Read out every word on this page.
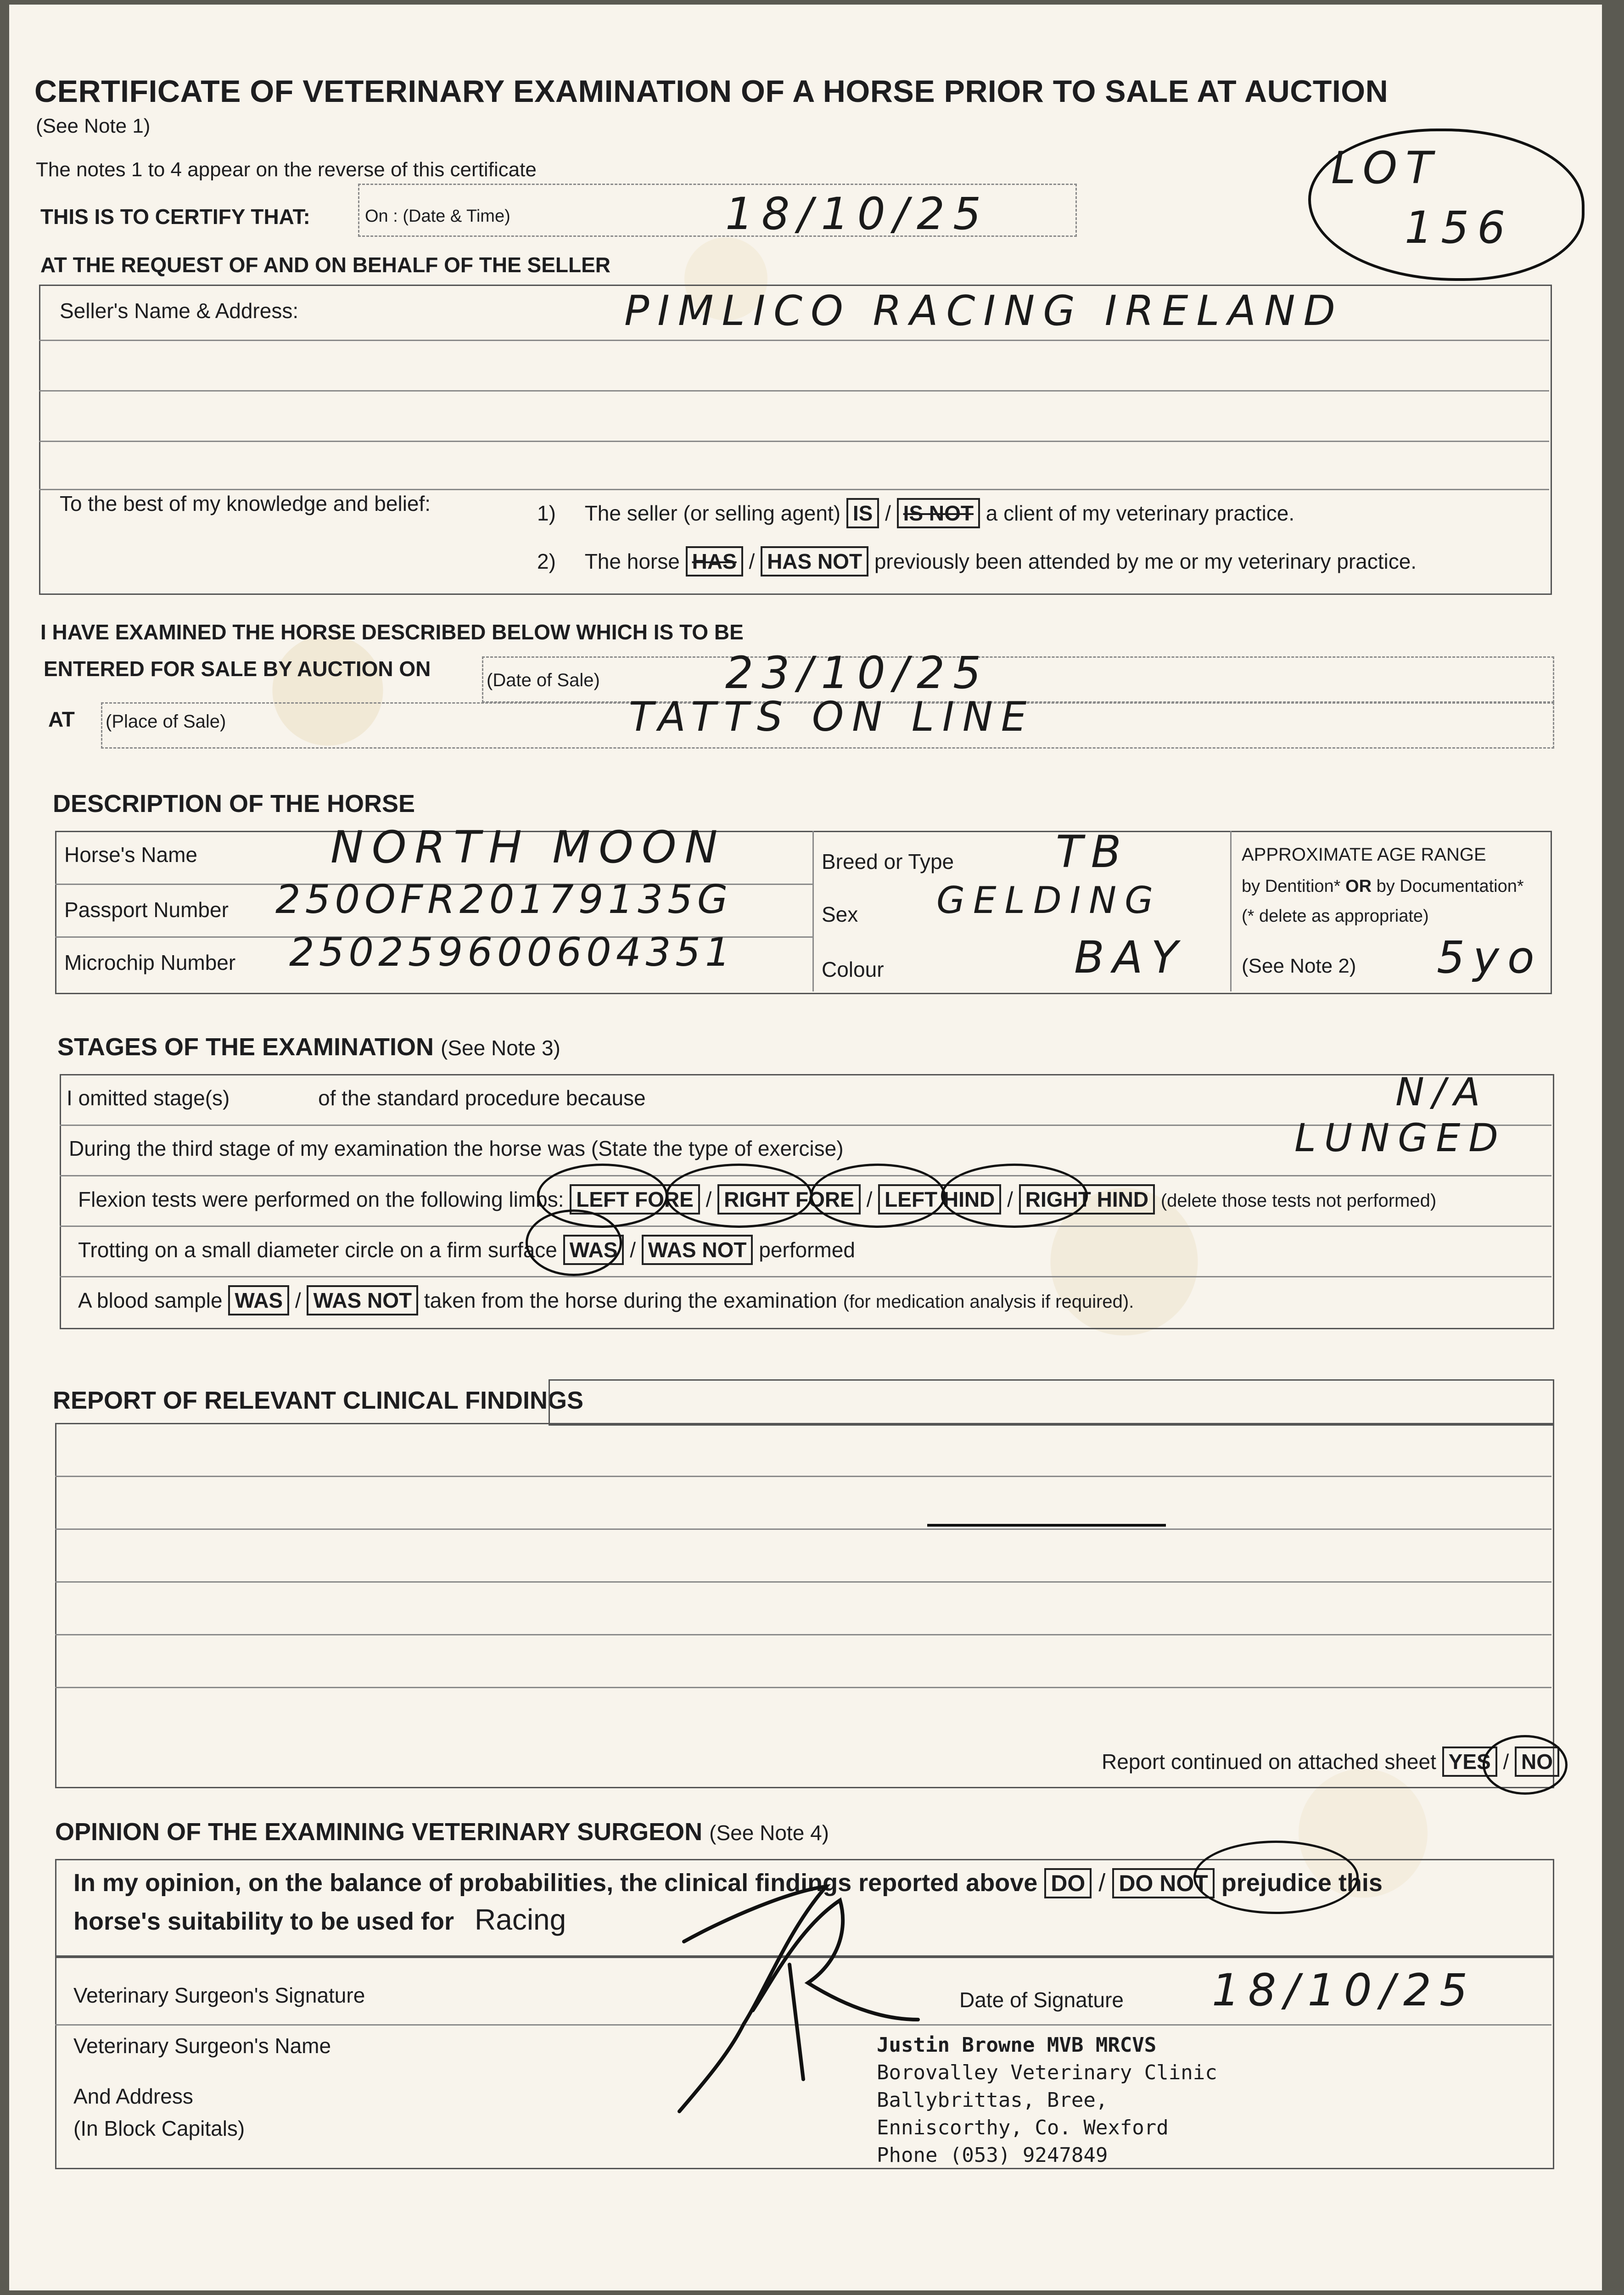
CERTIFICATE OF VETERINARY EXAMINATION OF A HORSE PRIOR TO SALE AT AUCTION
(See Note 1)
The notes 1 to 4 appear on the reverse of this certificate	LOT
156
THIS IS TO CERTIFY THAT:	On : (Date & Time)	18/10/25
AT THE REQUEST OF AND ON BEHALF OF THE SELLER
Seller's Name & Address:	PIMLICO RACING IRELAND
To the best of my knowledge and belief:	1) The seller (or selling agent) IS / IS NOT a client of my veterinary practice.
2) The horse HAS / HAS NOT previously been attended by me or my veterinary practice.
I HAVE EXAMINED THE HORSE DESCRIBED BELOW WHICH IS TO BE
ENTERED FOR SALE BY AUCTION ON	(Date of Sale)	23/10/25
AT (Place of Sale)	TATTS ON LINE
DESCRIPTION OF THE HORSE
Horse's Name	NORTH MOON
Passport Number 250OFR20179135G
Microchip Number 250259600604351
Breed or Type TB
Sex GELDING
Colour	BAY
APPROXIMATE AGE RANGE
by Dentition* OR by Documentation*
(* delete as appropriate)
(See Note 2) 5yo
STAGES OF THE EXAMINATION (See Note 3)
I omitted stage(s)	of the standard procedure because	N/A
During the third stage of my examination the horse was (State the type of exercise)	LUNGED
Flexion tests were performed on the following limbs: LEFT FORE / RIGHT FORE / LEFT HIND / RIGHT HIND (delete those tests not performed)
Trotting on a small diameter circle on a firm surface WAS / WAS NOT performed
A blood sample WAS / WAS NOT taken from the horse during the examination (for medication analysis if required).
REPORT OF RELEVANT CLINICAL FINDINGS
Report continued on attached sheet YES / NO
OPINION OF THE EXAMINING VETERINARY SURGEON (See Note 4)
In my opinion, on the balance of probabilities, the clinical findings reported above DO / DO NOT prejudice this
horse's suitability to be used for Racing
Veterinary Surgeon's Signature	Date of Signature 18/10/25
Veterinary Surgeon's Name
And Address
(In Block Capitals)
Justin Browne MVB MRCVS
Borovalley Veterinary Clinic
Ballybrittas, Bree,
Enniscorthy, Co. Wexford
Phone (053) 9247849
